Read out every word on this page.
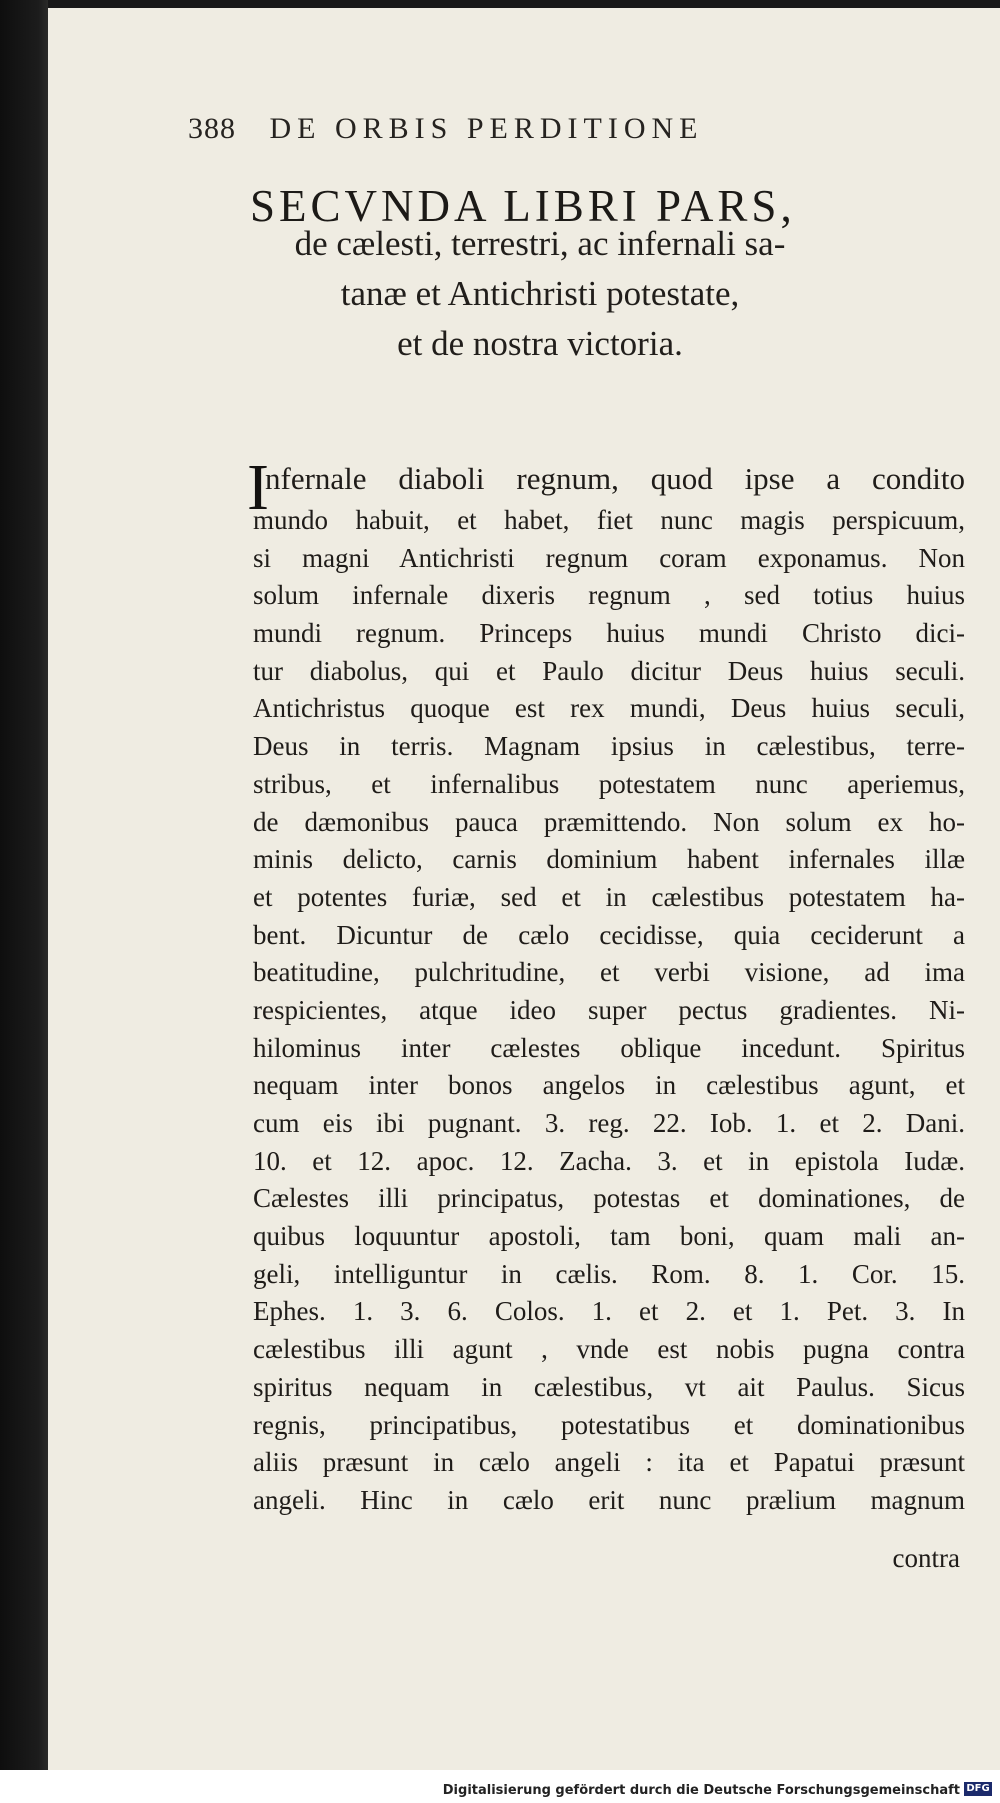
388 DE ORBIS PERDITIONE
SECVNDA LIBRI PARS,
de cælesti, terrestri, ac infernali sa-
tanæ et Antichristi potestate,
et de nostra victoria.
I
nfernale diaboli regnum, quod ipse a condito
mundo habuit, et habet, fiet nunc magis perspicuum,
si magni Antichristi regnum coram exponamus. Non
solum infernale dixeris regnum , sed totius huius
mundi regnum. Princeps huius mundi Christo dici-
tur diabolus, qui et Paulo dicitur Deus huius seculi.
Antichristus quoque est rex mundi, Deus huius seculi,
Deus in terris. Magnam ipsius in cælestibus, terre-
stribus, et infernalibus potestatem nunc aperiemus,
de dæmonibus pauca præmittendo. Non solum ex ho-
minis delicto, carnis dominium habent infernales illæ
et potentes furiæ, sed et in cælestibus potestatem ha-
bent. Dicuntur de cælo cecidisse, quia ceciderunt a
beatitudine, pulchritudine, et verbi visione, ad ima
respicientes, atque ideo super pectus gradientes. Ni-
hilominus inter cælestes oblique incedunt. Spiritus
nequam inter bonos angelos in cælestibus agunt, et
cum eis ibi pugnant. 3. reg. 22. Iob. 1. et 2. Dani.
10. et 12. apoc. 12. Zacha. 3. et in epistola Iudæ.
Cælestes illi principatus, potestas et dominationes, de
quibus loquuntur apostoli, tam boni, quam mali an-
geli, intelliguntur in cælis. Rom. 8. 1. Cor. 15.
Ephes. 1. 3. 6. Colos. 1. et 2. et 1. Pet. 3. In
cælestibus illi agunt , vnde est nobis pugna contra
spiritus nequam in cælestibus, vt ait Paulus. Sicus
regnis, principatibus, potestatibus et dominationibus
aliis præsunt in cælo angeli : ita et Papatui præsunt
angeli. Hinc in cælo erit nunc prælium magnum
contra
Digitalisierung gefördert durch die Deutsche Forschungsgemeinschaft DFG
